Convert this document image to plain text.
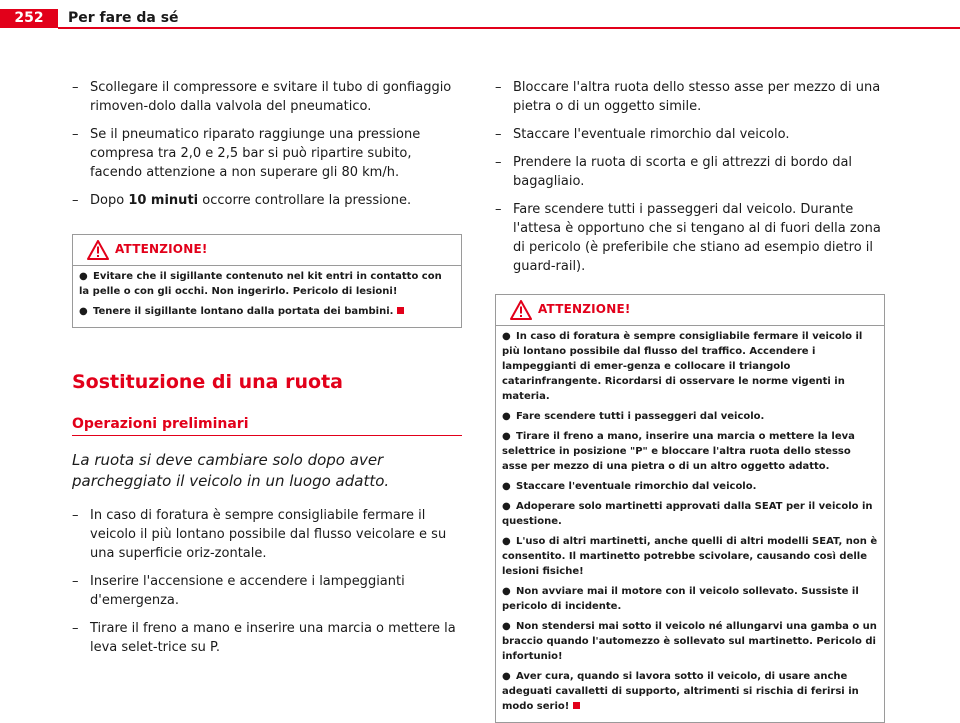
252	Per fare da sé
– Scollegare il compressore e svitare il tubo di gonfiaggio rimoven-dolo dalla valvola del pneumatico.
– Se il pneumatico riparato raggiunge una pressione compresa tra 2,0 e 2,5 bar si può ripartire subito, facendo attenzione a non superare gli 80 km/h.
– Dopo 10 minuti occorre controllare la pressione.
ATTENZIONE!
● Evitare che il sigillante contenuto nel kit entri in contatto con la pelle o con gli occhi. Non ingerirlo. Pericolo di lesioni!
● Tenere il sigillante lontano dalla portata dei bambini.
Sostituzione di una ruota
Operazioni preliminari
La ruota si deve cambiare solo dopo aver parcheggiato il veicolo in un luogo adatto.
– In caso di foratura è sempre consigliabile fermare il veicolo il più lontano possibile dal flusso veicolare e su una superficie oriz-zontale.
– Inserire l'accensione e accendere i lampeggianti d'emergenza.
– Tirare il freno a mano e inserire una marcia o mettere la leva selet-trice su P.
– Bloccare l'altra ruota dello stesso asse per mezzo di una pietra o di un oggetto simile.
– Staccare l'eventuale rimorchio dal veicolo.
– Prendere la ruota di scorta e gli attrezzi di bordo dal bagagliaio.
– Fare scendere tutti i passeggeri dal veicolo. Durante l'attesa è opportuno che si tengano al di fuori della zona di pericolo (è preferibile che stiano ad esempio dietro il guard-rail).
ATTENZIONE!
● In caso di foratura è sempre consigliabile fermare il veicolo il più lontano possibile dal flusso del traffico. Accendere i lampeggianti di emer-genza e collocare il triangolo catarinfrangente. Ricordarsi di osservare le norme vigenti in materia.
● Fare scendere tutti i passeggeri dal veicolo.
● Tirare il freno a mano, inserire una marcia o mettere la leva selettrice in posizione "P" e bloccare l'altra ruota dello stesso asse per mezzo di una pietra o di un altro oggetto adatto.
● Staccare l'eventuale rimorchio dal veicolo.
● Adoperare solo martinetti approvati dalla SEAT per il veicolo in questione.
● L'uso di altri martinetti, anche quelli di altri modelli SEAT, non è consentito. Il martinetto potrebbe scivolare, causando così delle lesioni fisiche!
● Non avviare mai il motore con il veicolo sollevato. Sussiste il pericolo di incidente.
● Non stendersi mai sotto il veicolo né allungarvi una gamba o un braccio quando l'automezzo è sollevato sul martinetto. Pericolo di infortunio!
● Aver cura, quando si lavora sotto il veicolo, di usare anche adeguati cavalletti di supporto, altrimenti si rischia di ferirsi in modo serio!
